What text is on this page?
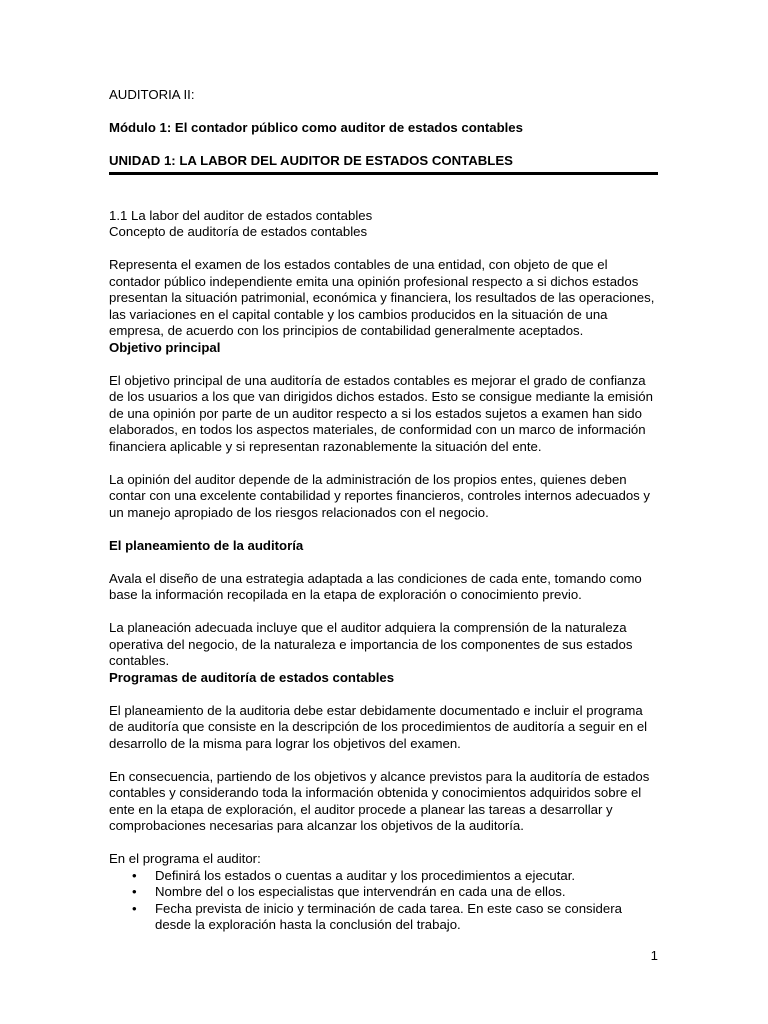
AUDITORIA II:

Módulo 1: El contador público como auditor de estados contables

UNIDAD 1: LA LABOR DEL AUDITOR DE ESTADOS CONTABLES

1.1 La labor del auditor de estados contables

Concepto de auditoría de estados contables

Representa el examen de los estados contables de una entidad, con objeto de que el contador público independiente emita una opinión profesional respecto a si dichos estados presentan la situación patrimonial, económica y financiera, los resultados de las operaciones, las variaciones en el capital contable y los cambios producidos en la situación de una empresa, de acuerdo con los principios de contabilidad generalmente aceptados.

Objetivo principal

El objetivo principal de una auditoría de estados contables es mejorar el grado de confianza de los usuarios a los que van dirigidos dichos estados. Esto se consigue mediante la emisión de una opinión por parte de un auditor respecto a si los estados sujetos a examen han sido elaborados, en todos los aspectos materiales, de conformidad con un marco de información financiera aplicable y si representan razonablemente la situación del ente.

La opinión del auditor depende de la administración de los propios entes, quienes deben contar con una excelente contabilidad y reportes financieros, controles internos adecuados y un manejo apropiado de los riesgos relacionados con el negocio.

El planeamiento de la auditoría

Avala el diseño de una estrategia adaptada a las condiciones de cada ente, tomando como base la información recopilada en la etapa de exploración o conocimiento previo.

La planeación adecuada incluye que el auditor adquiera la comprensión de la naturaleza operativa del negocio, de la naturaleza e importancia de los componentes de sus estados contables.

Programas de auditoría de estados contables

El planeamiento de la auditoria debe estar debidamente documentado e incluir el programa de auditoría que consiste en la descripción de los procedimientos de auditoría a seguir en el desarrollo de la misma para lograr los objetivos del examen.

En consecuencia, partiendo de los objetivos y alcance previstos para la auditoría de estados contables y considerando toda la información obtenida y conocimientos adquiridos sobre el ente en la etapa de exploración, el auditor procede a planear las tareas a desarrollar y comprobaciones necesarias para alcanzar los objetivos de la auditoría.

En el programa el auditor:

• Definirá los estados o cuentas a auditar y los procedimientos a ejecutar.
• Nombre del o los especialistas que intervendrán en cada una de ellos.
• Fecha prevista de inicio y terminación de cada tarea. En este caso se considera desde la exploración hasta la conclusión del trabajo.
1
